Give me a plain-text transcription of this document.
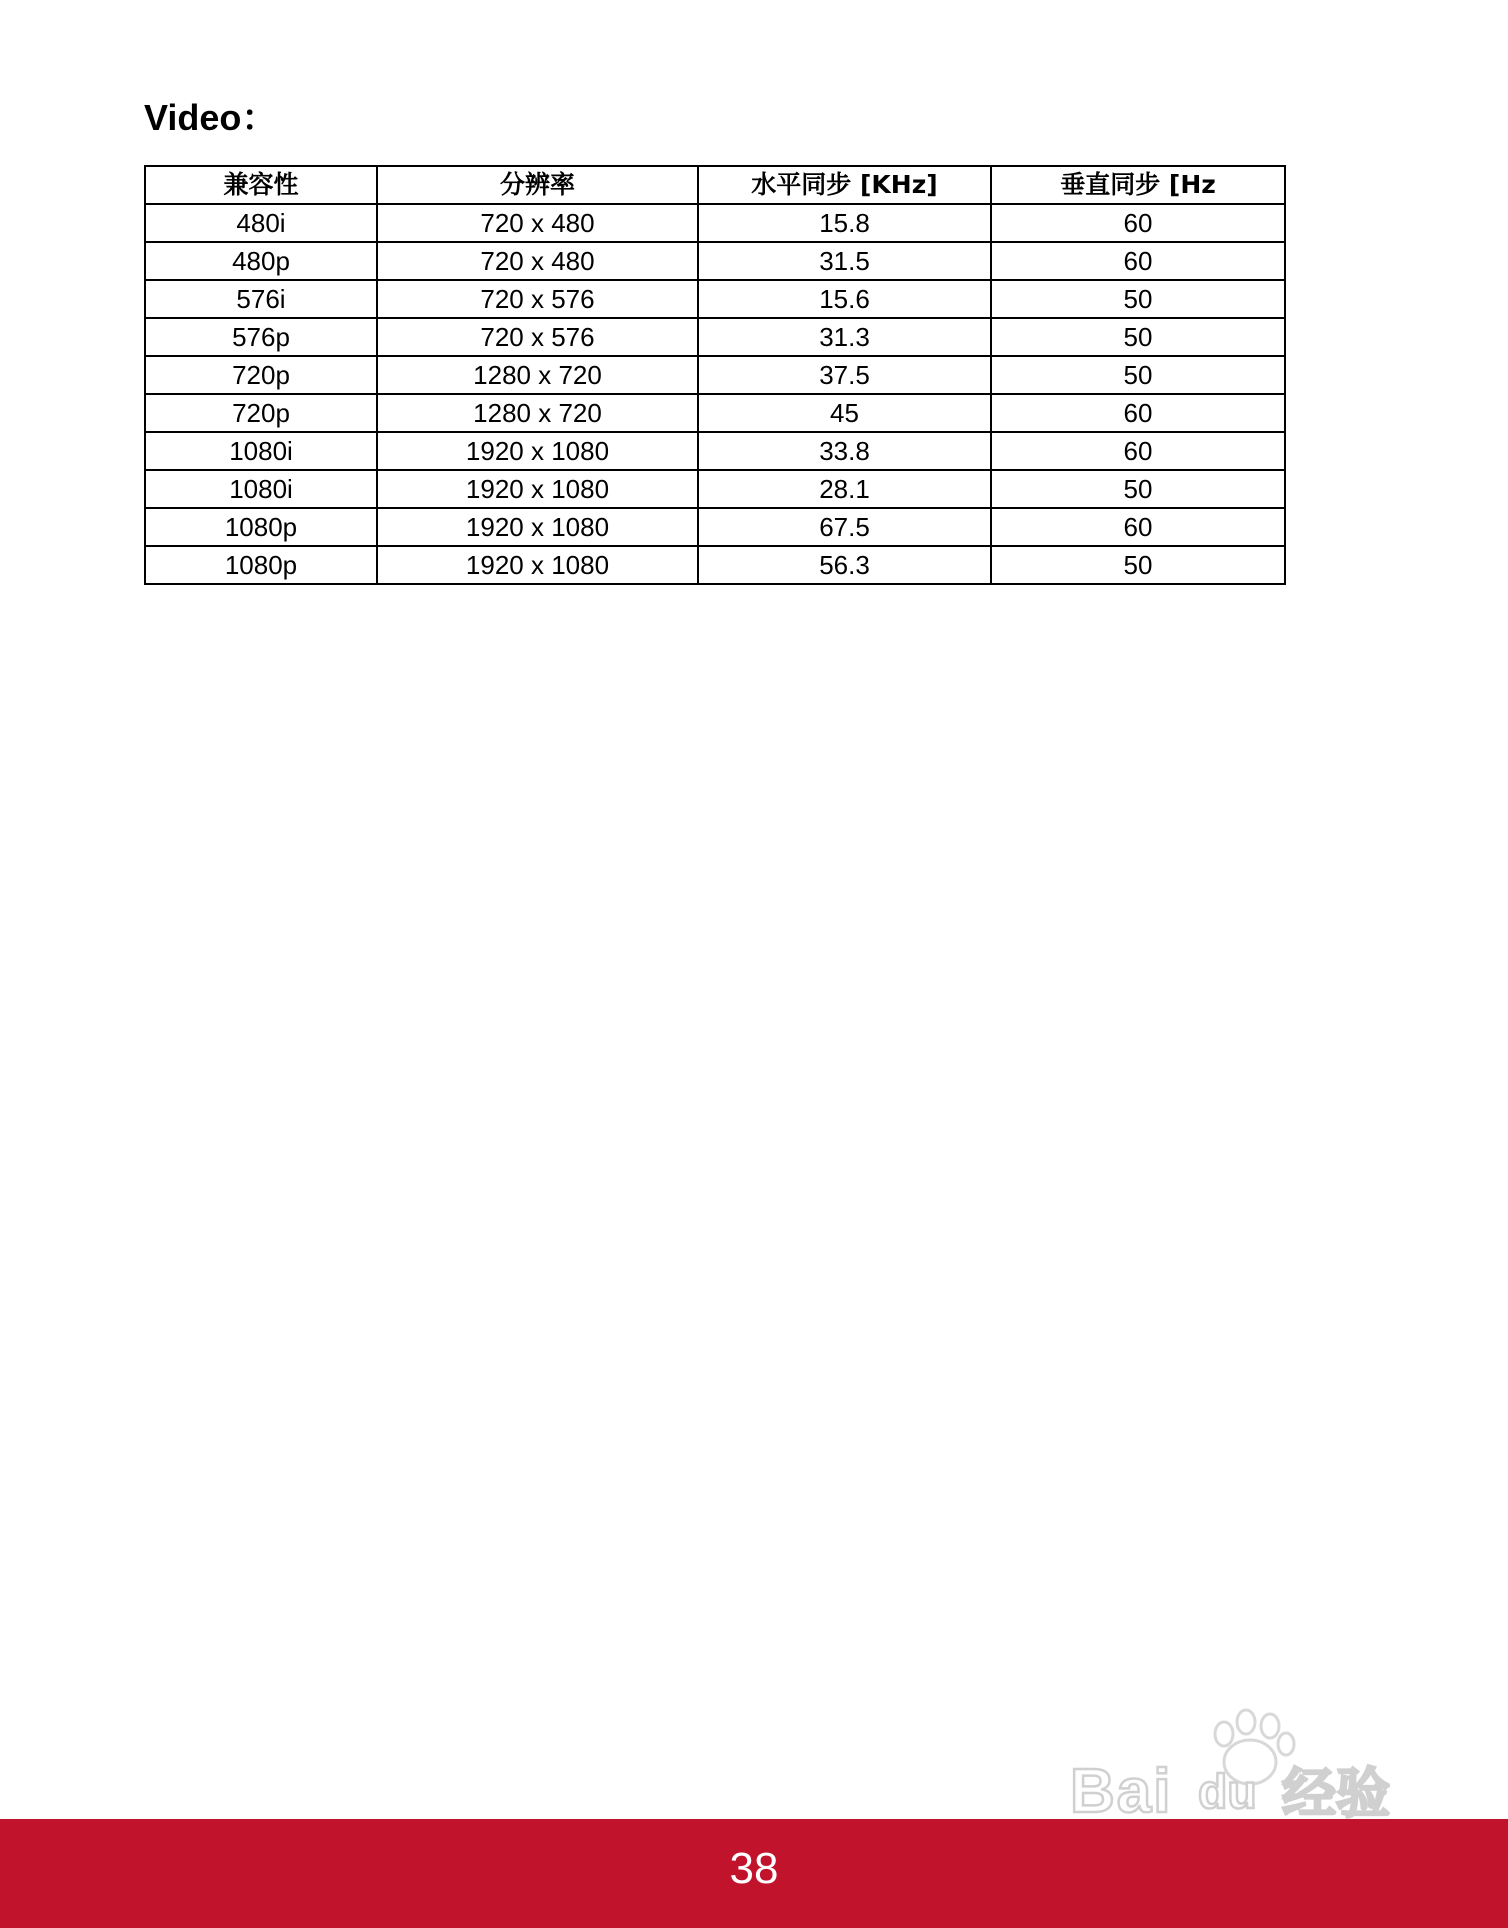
Video：
兼容性	分辨率	水平同步 [KHz]	垂直同步 [Hz
480i	720 x 480	15.8	60
480p	720 x 480	31.5	60
576i	720 x 576	15.6	50
576p	720 x 576	31.3	50
720p	1280 x 720	37.5	50
720p	1280 x 720	45	60
1080i	1920 x 1080	33.8	60
1080i	1920 x 1080	28.1	50
1080p	1920 x 1080	67.5	60
1080p	1920 x 1080	56.3	50
38
Bai du 经验
